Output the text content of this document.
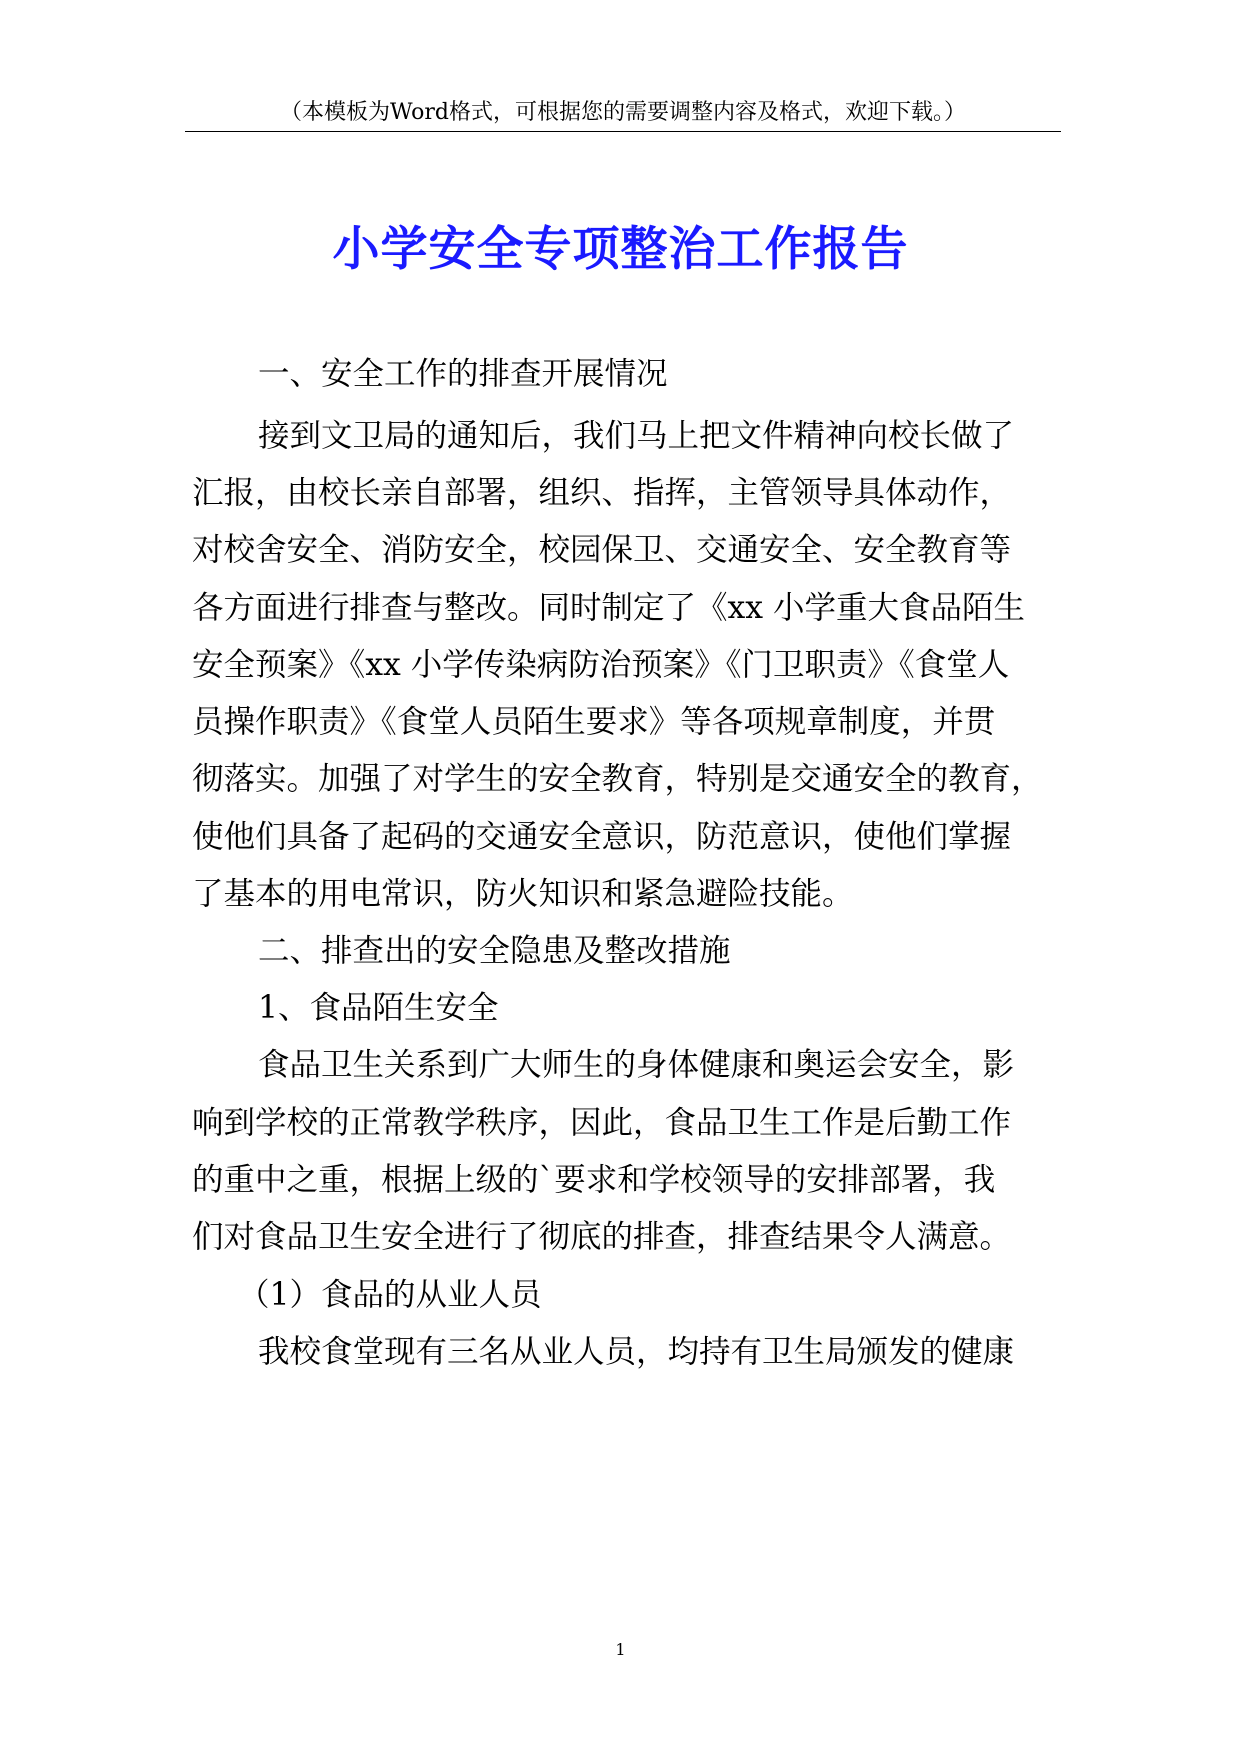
（本模板为Word格式，可根据您的需要调整内容及格式，欢迎下载。）
小学安全专项整治工作报告
一、安全工作的排查开展情况
接到文卫局的通知后，我们马上把文件精神向校长做了
汇报，由校长亲自部署，组织、指挥，主管领导具体动作，
对校舍安全、消防安全，校园保卫、交通安全、安全教育等
各方面进行排查与整改。同时制定了《xx 小学重大食品陌生
安全预案》《xx 小学传染病防治预案》《门卫职责》《食堂人
员操作职责》《食堂人员陌生要求》等各项规章制度，并贯
彻落实。加强了对学生的安全教育，特别是交通安全的教育，
使他们具备了起码的交通安全意识，防范意识，使他们掌握
了基本的用电常识，防火知识和紧急避险技能。
二、排查出的安全隐患及整改措施
1、食品陌生安全
食品卫生关系到广大师生的身体健康和奥运会安全，影
响到学校的正常教学秩序，因此，食品卫生工作是后勤工作
的重中之重，根据上级的`要求和学校领导的安排部署，我
们对食品卫生安全进行了彻底的排查，排查结果令人满意。
（1）食品的从业人员
我校食堂现有三名从业人员，均持有卫生局颁发的健康
1
